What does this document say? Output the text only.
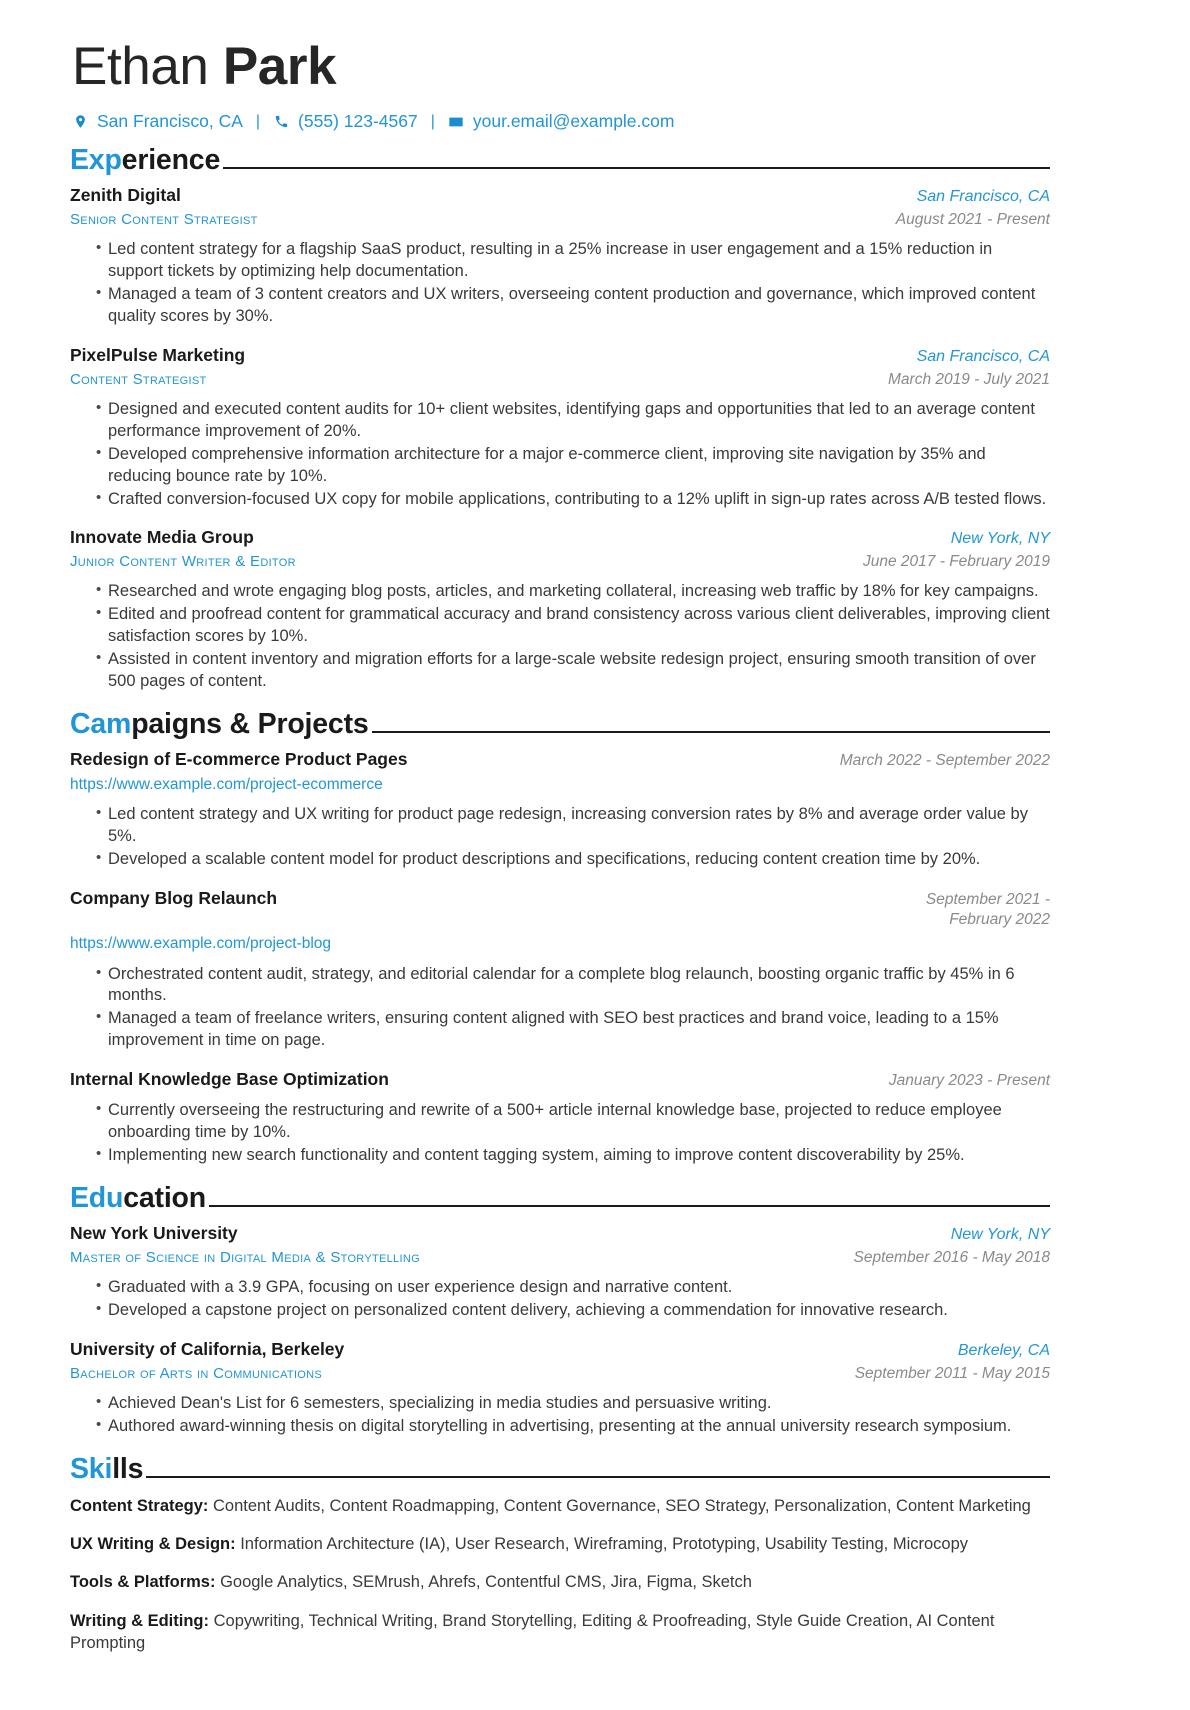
Ethan Park
San Francisco, CA |	(555) 123-4567 |	your.email@example.com
Experience
Zenith Digital	San Francisco, CA
Senior Content Strategist	August 2021 - Present
• Led content strategy for a flagship SaaS product, resulting in a 25% increase in user engagement and a 15% reduction in support tickets by optimizing help documentation.
• Managed a team of 3 content creators and UX writers, overseeing content production and governance, which improved content quality scores by 30%.
PixelPulse Marketing	San Francisco, CA
Content Strategist	March 2019 - July 2021
• Designed and executed content audits for 10+ client websites, identifying gaps and opportunities that led to an average content performance improvement of 20%.
• Developed comprehensive information architecture for a major e-commerce client, improving site navigation by 35% and reducing bounce rate by 10%.
• Crafted conversion-focused UX copy for mobile applications, contributing to a 12% uplift in sign-up rates across A/B tested flows.
Innovate Media Group	New York, NY
Junior Content Writer & Editor	June 2017 - February 2019
• Researched and wrote engaging blog posts, articles, and marketing collateral, increasing web traffic by 18% for key campaigns.
• Edited and proofread content for grammatical accuracy and brand consistency across various client deliverables, improving client satisfaction scores by 10%.
• Assisted in content inventory and migration efforts for a large-scale website redesign project, ensuring smooth transition of over 500 pages of content.
Campaigns & Projects
Redesign of E-commerce Product Pages	March 2022 - September 2022
https://www.example.com/project-ecommerce
• Led content strategy and UX writing for product page redesign, increasing conversion rates by 8% and average order value by 5%.
• Developed a scalable content model for product descriptions and specifications, reducing content creation time by 20%.
Company Blog Relaunch	September 2021 - February 2022
https://www.example.com/project-blog
• Orchestrated content audit, strategy, and editorial calendar for a complete blog relaunch, boosting organic traffic by 45% in 6 months.
• Managed a team of freelance writers, ensuring content aligned with SEO best practices and brand voice, leading to a 15% improvement in time on page.
Internal Knowledge Base Optimization	January 2023 - Present
• Currently overseeing the restructuring and rewrite of a 500+ article internal knowledge base, projected to reduce employee onboarding time by 10%.
• Implementing new search functionality and content tagging system, aiming to improve content discoverability by 25%.
Education
New York University	New York, NY
Master of Science in Digital Media & Storytelling	September 2016 - May 2018
• Graduated with a 3.9 GPA, focusing on user experience design and narrative content.
• Developed a capstone project on personalized content delivery, achieving a commendation for innovative research.
University of California, Berkeley	Berkeley, CA
Bachelor of Arts in Communications	September 2011 - May 2015
• Achieved Dean's List for 6 semesters, specializing in media studies and persuasive writing.
• Authored award-winning thesis on digital storytelling in advertising, presenting at the annual university research symposium.
Skills
Content Strategy: Content Audits, Content Roadmapping, Content Governance, SEO Strategy, Personalization, Content Marketing
UX Writing & Design: Information Architecture (IA), User Research, Wireframing, Prototyping, Usability Testing, Microcopy
Tools & Platforms: Google Analytics, SEMrush, Ahrefs, Contentful CMS, Jira, Figma, Sketch
Writing & Editing: Copywriting, Technical Writing, Brand Storytelling, Editing & Proofreading, Style Guide Creation, AI Content Prompting
